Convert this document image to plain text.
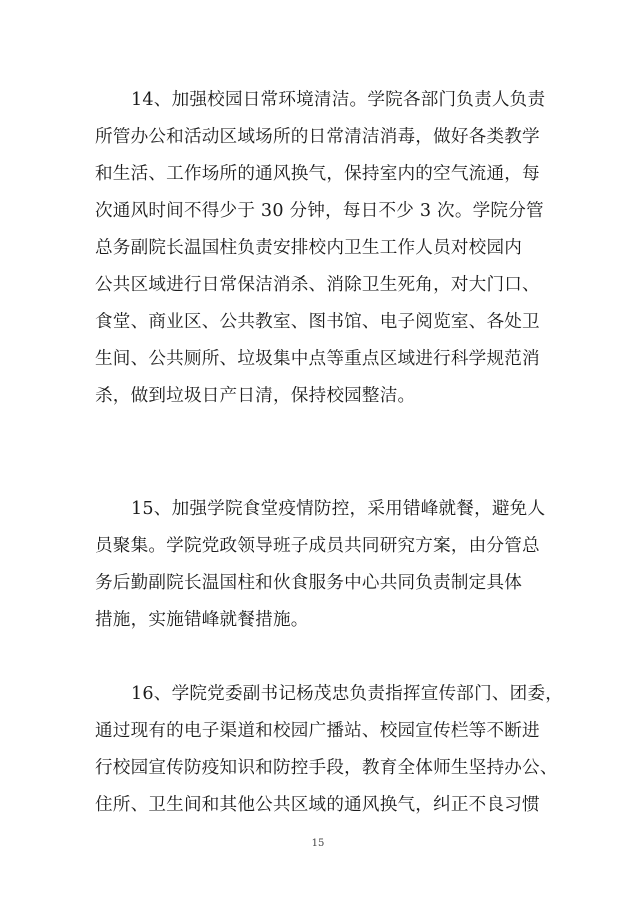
14、加强校园日常环境清洁。学院各部门负责人负责
所管办公和活动区域场所的日常清洁消毒，做好各类教学
和生活、工作场所的通风换气，保持室内的空气流通，每
次通风时间不得少于 30 分钟，每日不少 3 次。学院分管
总务副院长温国柱负责安排校内卫生工作人员对校园内
公共区域进行日常保洁消杀、消除卫生死角，对大门口、
食堂、商业区、公共教室、图书馆、电子阅览室、各处卫
生间、公共厕所、垃圾集中点等重点区域进行科学规范消
杀，做到垃圾日产日清，保持校园整洁。
15、加强学院食堂疫情防控，采用错峰就餐，避免人
员聚集。学院党政领导班子成员共同研究方案，由分管总
务后勤副院长温国柱和伙食服务中心共同负责制定具体
措施，实施错峰就餐措施。
16、学院党委副书记杨茂忠负责指挥宣传部门、团委，
通过现有的电子渠道和校园广播站、校园宣传栏等不断进
行校园宣传防疫知识和防控手段，教育全体师生坚持办公、
住所、卫生间和其他公共区域的通风换气，纠正不良习惯
15
